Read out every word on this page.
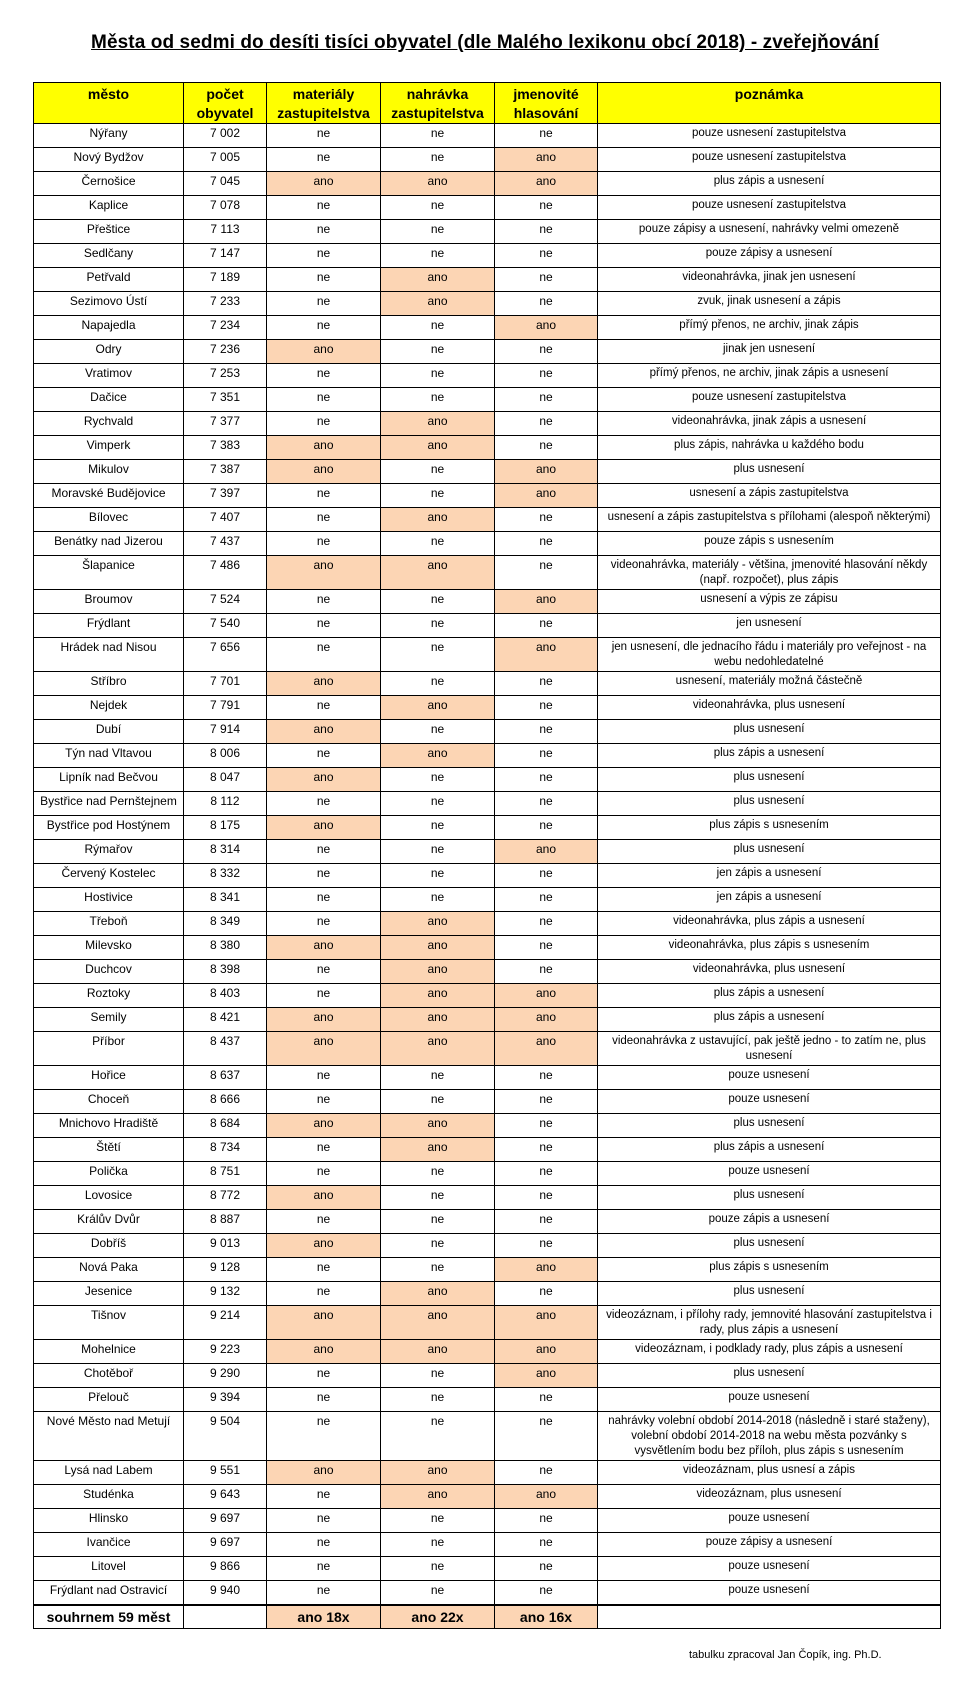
Města od sedmi do desíti tisíci obyvatel (dle Malého lexikonu obcí 2018) - zveřejňování
město	počet obyvatel	materiály zastupitelstva	nahrávka zastupitelstva	jmenovité hlasování	poznámka
Nýřany	7 002	ne	ne	ne	pouze usnesení zastupitelstva
Nový Bydžov	7 005	ne	ne	ano	pouze usnesení zastupitelstva
Černošice	7 045	ano	ano	ano	plus zápis a usnesení
Kaplice	7 078	ne	ne	ne	pouze usnesení zastupitelstva
Přeštice	7 113	ne	ne	ne	pouze zápisy a usnesení, nahrávky velmi omezeně
Sedlčany	7 147	ne	ne	ne	pouze zápisy a usnesení
Petřvald	7 189	ne	ano	ne	videonahrávka, jinak jen usnesení
Sezimovo Ústí	7 233	ne	ano	ne	zvuk, jinak usnesení a zápis
Napajedla	7 234	ne	ne	ano	přímý přenos, ne archiv, jinak zápis
Odry	7 236	ano	ne	ne	jinak jen usnesení
Vratimov	7 253	ne	ne	ne	přímý přenos, ne archiv, jinak zápis a usnesení
Dačice	7 351	ne	ne	ne	pouze usnesení zastupitelstva
Rychvald	7 377	ne	ano	ne	videonahrávka, jinak zápis a usnesení
Vimperk	7 383	ano	ano	ne	plus zápis, nahrávka u každého bodu
Mikulov	7 387	ano	ne	ano	plus usnesení
Moravské Budějovice	7 397	ne	ne	ano	usnesení a zápis zastupitelstva
Bílovec	7 407	ne	ano	ne	usnesení a zápis zastupitelstva s přílohami (alespoň některými)
Benátky nad Jizerou	7 437	ne	ne	ne	pouze zápis s usnesením
Šlapanice	7 486	ano	ano	ne	videonahrávka, materiály - většina, jmenovité hlasování někdy (např. rozpočet), plus zápis
Broumov	7 524	ne	ne	ano	usnesení a výpis ze zápisu
Frýdlant	7 540	ne	ne	ne	jen usnesení
Hrádek nad Nisou	7 656	ne	ne	ano	jen usnesení, dle jednacího řádu i materiály pro veřejnost - na webu nedohledatelné
Stříbro	7 701	ano	ne	ne	usnesení, materiály možná částečně
Nejdek	7 791	ne	ano	ne	videonahrávka, plus usnesení
Dubí	7 914	ano	ne	ne	plus usnesení
Týn nad Vltavou	8 006	ne	ano	ne	plus zápis a usnesení
Lipník nad Bečvou	8 047	ano	ne	ne	plus usnesení
Bystřice nad Pernštejnem	8 112	ne	ne	ne	plus usnesení
Bystřice pod Hostýnem	8 175	ano	ne	ne	plus zápis s usnesením
Rýmařov	8 314	ne	ne	ano	plus usnesení
Červený Kostelec	8 332	ne	ne	ne	jen zápis a usnesení
Hostivice	8 341	ne	ne	ne	jen zápis a usnesení
Třeboň	8 349	ne	ano	ne	videonahrávka, plus zápis a usnesení
Milevsko	8 380	ano	ano	ne	videonahrávka, plus zápis s usnesením
Duchcov	8 398	ne	ano	ne	videonahrávka, plus usnesení
Roztoky	8 403	ne	ano	ano	plus zápis a usnesení
Semily	8 421	ano	ano	ano	plus zápis a usnesení
Příbor	8 437	ano	ano	ano	videonahrávka z ustavující, pak ještě jedno - to zatím ne, plus usnesení
Hořice	8 637	ne	ne	ne	pouze usnesení
Choceň	8 666	ne	ne	ne	pouze usnesení
Mnichovo Hradiště	8 684	ano	ano	ne	plus usnesení
Štětí	8 734	ne	ano	ne	plus zápis a usnesení
Polička	8 751	ne	ne	ne	pouze usnesení
Lovosice	8 772	ano	ne	ne	plus usnesení
Králův Dvůr	8 887	ne	ne	ne	pouze zápis a usnesení
Dobříš	9 013	ano	ne	ne	plus usnesení
Nová Paka	9 128	ne	ne	ano	plus zápis s usnesením
Jesenice	9 132	ne	ano	ne	plus usnesení
Tišnov	9 214	ano	ano	ano	videozáznam, i přílohy rady, jemnovité hlasování zastupitelstva i rady, plus zápis a usnesení
Mohelnice	9 223	ano	ano	ano	videozáznam, i podklady rady, plus zápis a usnesení
Chotěboř	9 290	ne	ne	ano	plus usnesení
Přelouč	9 394	ne	ne	ne	pouze usnesení
Nové Město nad Metují	9 504	ne	ne	ne	nahrávky volební období 2014-2018 (následně i staré staženy), volební období 2014-2018 na webu města pozvánky s vysvětlením bodu bez příloh, plus zápis s usnesením
Lysá nad Labem	9 551	ano	ano	ne	videozáznam, plus usnesí a zápis
Studénka	9 643	ne	ano	ano	videozáznam, plus usnesení
Hlinsko	9 697	ne	ne	ne	pouze usnesení
Ivančice	9 697	ne	ne	ne	pouze zápisy a usnesení
Litovel	9 866	ne	ne	ne	pouze usnesení
Frýdlant nad Ostravicí	9 940	ne	ne	ne	pouze usnesení
souhrnem 59 měst		ano 18x	ano 22x	ano 16x	
tabulku zpracoval Jan Čopík, ing. Ph.D.
